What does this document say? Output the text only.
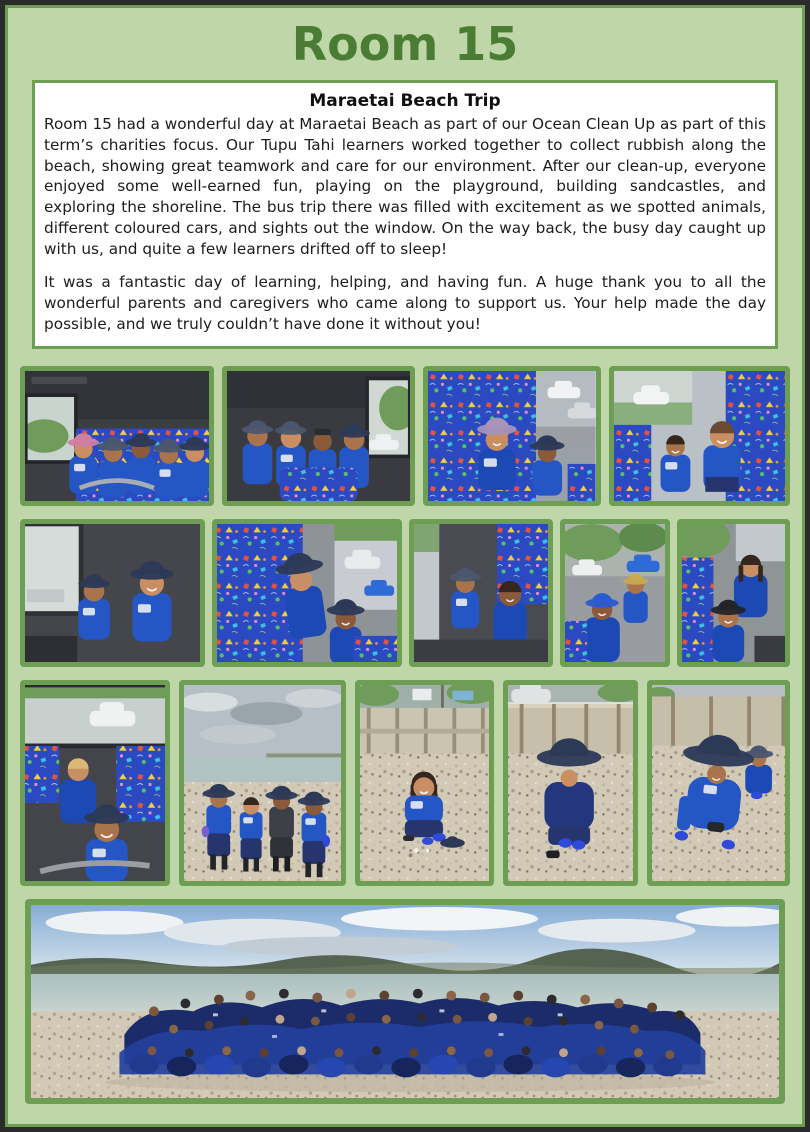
Room 15
Maraetai Beach Trip

Room 15 had a wonderful day at Maraetai Beach as part of our Ocean Clean Up as part of this term’s charities focus. Our Tupu Tahi learners worked together to collect rubbish along the beach, showing great teamwork and care for our environment. After our clean-up, everyone enjoyed some well-earned fun, playing on the playground, building sandcastles, and exploring the shoreline. The bus trip there was filled with excitement as we spotted animals, different coloured cars, and sights out the window. On the way back, the busy day caught up with us, and quite a few learners drifted off to sleep!

It was a fantastic day of learning, helping, and having fun. A huge thank you to all the wonderful parents and caregivers who came along to support us. Your help made the day possible, and we truly couldn’t have done it without you!
